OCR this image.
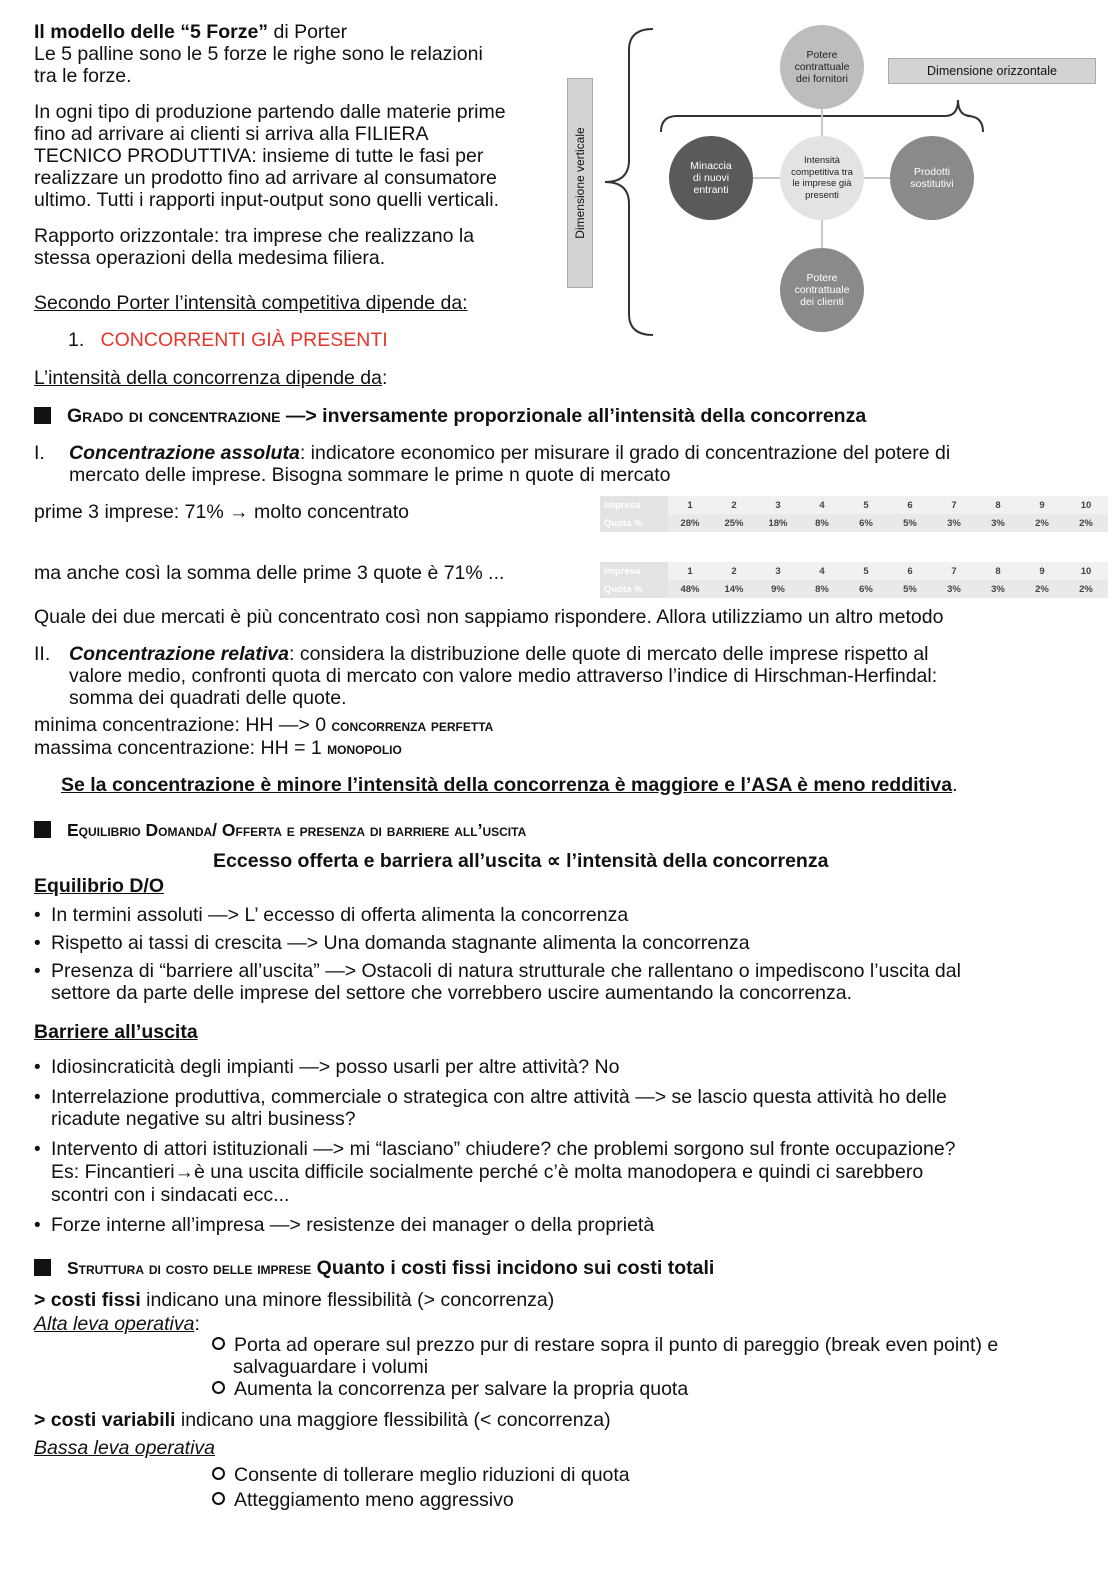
Il modello delle “5 Forze” di Porter
Le 5 palline sono le 5 forze le righe sono le relazioni
tra le forze.
In ogni tipo di produzione partendo dalle materie prime
fino ad arrivare ai clienti si arriva alla FILIERA
TECNICO PRODUTTIVA: insieme di tutte le fasi per
realizzare un prodotto fino ad arrivare al consumatore
ultimo. Tutti i rapporti input-output sono quelli verticali.
Rapporto orizzontale: tra imprese che realizzano la
stessa operazioni della medesima filiera.
Secondo Porter l’intensità competitiva dipende da:
1. CONCORRENTI GIÀ PRESENTI
L’intensità della concorrenza dipende da:
Dimensione verticale
Dimensione orizzontale
Potere contrattuale dei fornitori
Minaccia di nuovi entranti
Intensità competitiva tra le imprese già presenti
Prodotti sostitutivi
Potere contrattuale dei clienti
Grado di concentrazione —> inversamente proporzionale all’intensità della concorrenza
I. Concentrazione assoluta: indicatore economico per misurare il grado di concentrazione del potere di
mercato delle imprese. Bisogna sommare le prime n quote di mercato
prime 3 imprese: 71% → molto concentrato	Impresa	1	2	3	4	5	6	7	8	9	10
Quota %	28%	25%	18%	8%	6%	5%	3%	3%	2%	2%
ma anche così la somma delle prime 3 quote è 71% ...	Impresa	1	2	3	4	5	6	7	8	9	10
Quota %	48%	14%	9%	8%	6%	5%	3%	3%	2%	2%
Quale dei due mercati è più concentrato così non sappiamo rispondere. Allora utilizziamo un altro metodo
II. Concentrazione relativa: considera la distribuzione delle quote di mercato delle imprese rispetto al
valore medio, confronti quota di mercato con valore medio attraverso l’indice di Hirschman-Herfindal:
somma dei quadrati delle quote.
minima concentrazione: HH —> 0 concorrenza perfetta
massima concentrazione: HH = 1 monopolio
Se la concentrazione è minore l’intensità della concorrenza è maggiore e l’ASA è meno redditiva.
Equilibrio Domanda/ Offerta e presenza di barriere all’uscita
Eccesso offerta e barriera all’uscita ∝ l’intensità della concorrenza
Equilibrio D/O
• In termini assoluti —> L’ eccesso di offerta alimenta la concorrenza
• Rispetto ai tassi di crescita —> Una domanda stagnante alimenta la concorrenza
• Presenza di “barriere all’uscita” —> Ostacoli di natura strutturale che rallentano o impediscono l’uscita dal
settore da parte delle imprese del settore che vorrebbero uscire aumentando la concorrenza.
Barriere all’uscita
• Idiosincraticità degli impianti —> posso usarli per altre attività? No
• Interrelazione produttiva, commerciale o strategica con altre attività —> se lascio questa attività ho delle
ricadute negative su altri business?
• Intervento di attori istituzionali —> mi “lasciano” chiudere? che problemi sorgono sul fronte occupazione?
Es: Fincantieri→è una uscita difficile socialmente perché c’è molta manodopera e quindi ci sarebbero
scontri con i sindacati ecc...
• Forze interne all’impresa —> resistenze dei manager o della proprietà
Struttura di costo delle imprese Quanto i costi fissi incidono sui costi totali
> costi fissi indicano una minore flessibilità (> concorrenza)
Alta leva operativa:
Porta ad operare sul prezzo pur di restare sopra il punto di pareggio (break even point) e
salvaguardare i volumi
Aumenta la concorrenza per salvare la propria quota
> costi variabili indicano una maggiore flessibilità (< concorrenza)
Bassa leva operativa
Consente di tollerare meglio riduzioni di quota
Atteggiamento meno aggressivo
